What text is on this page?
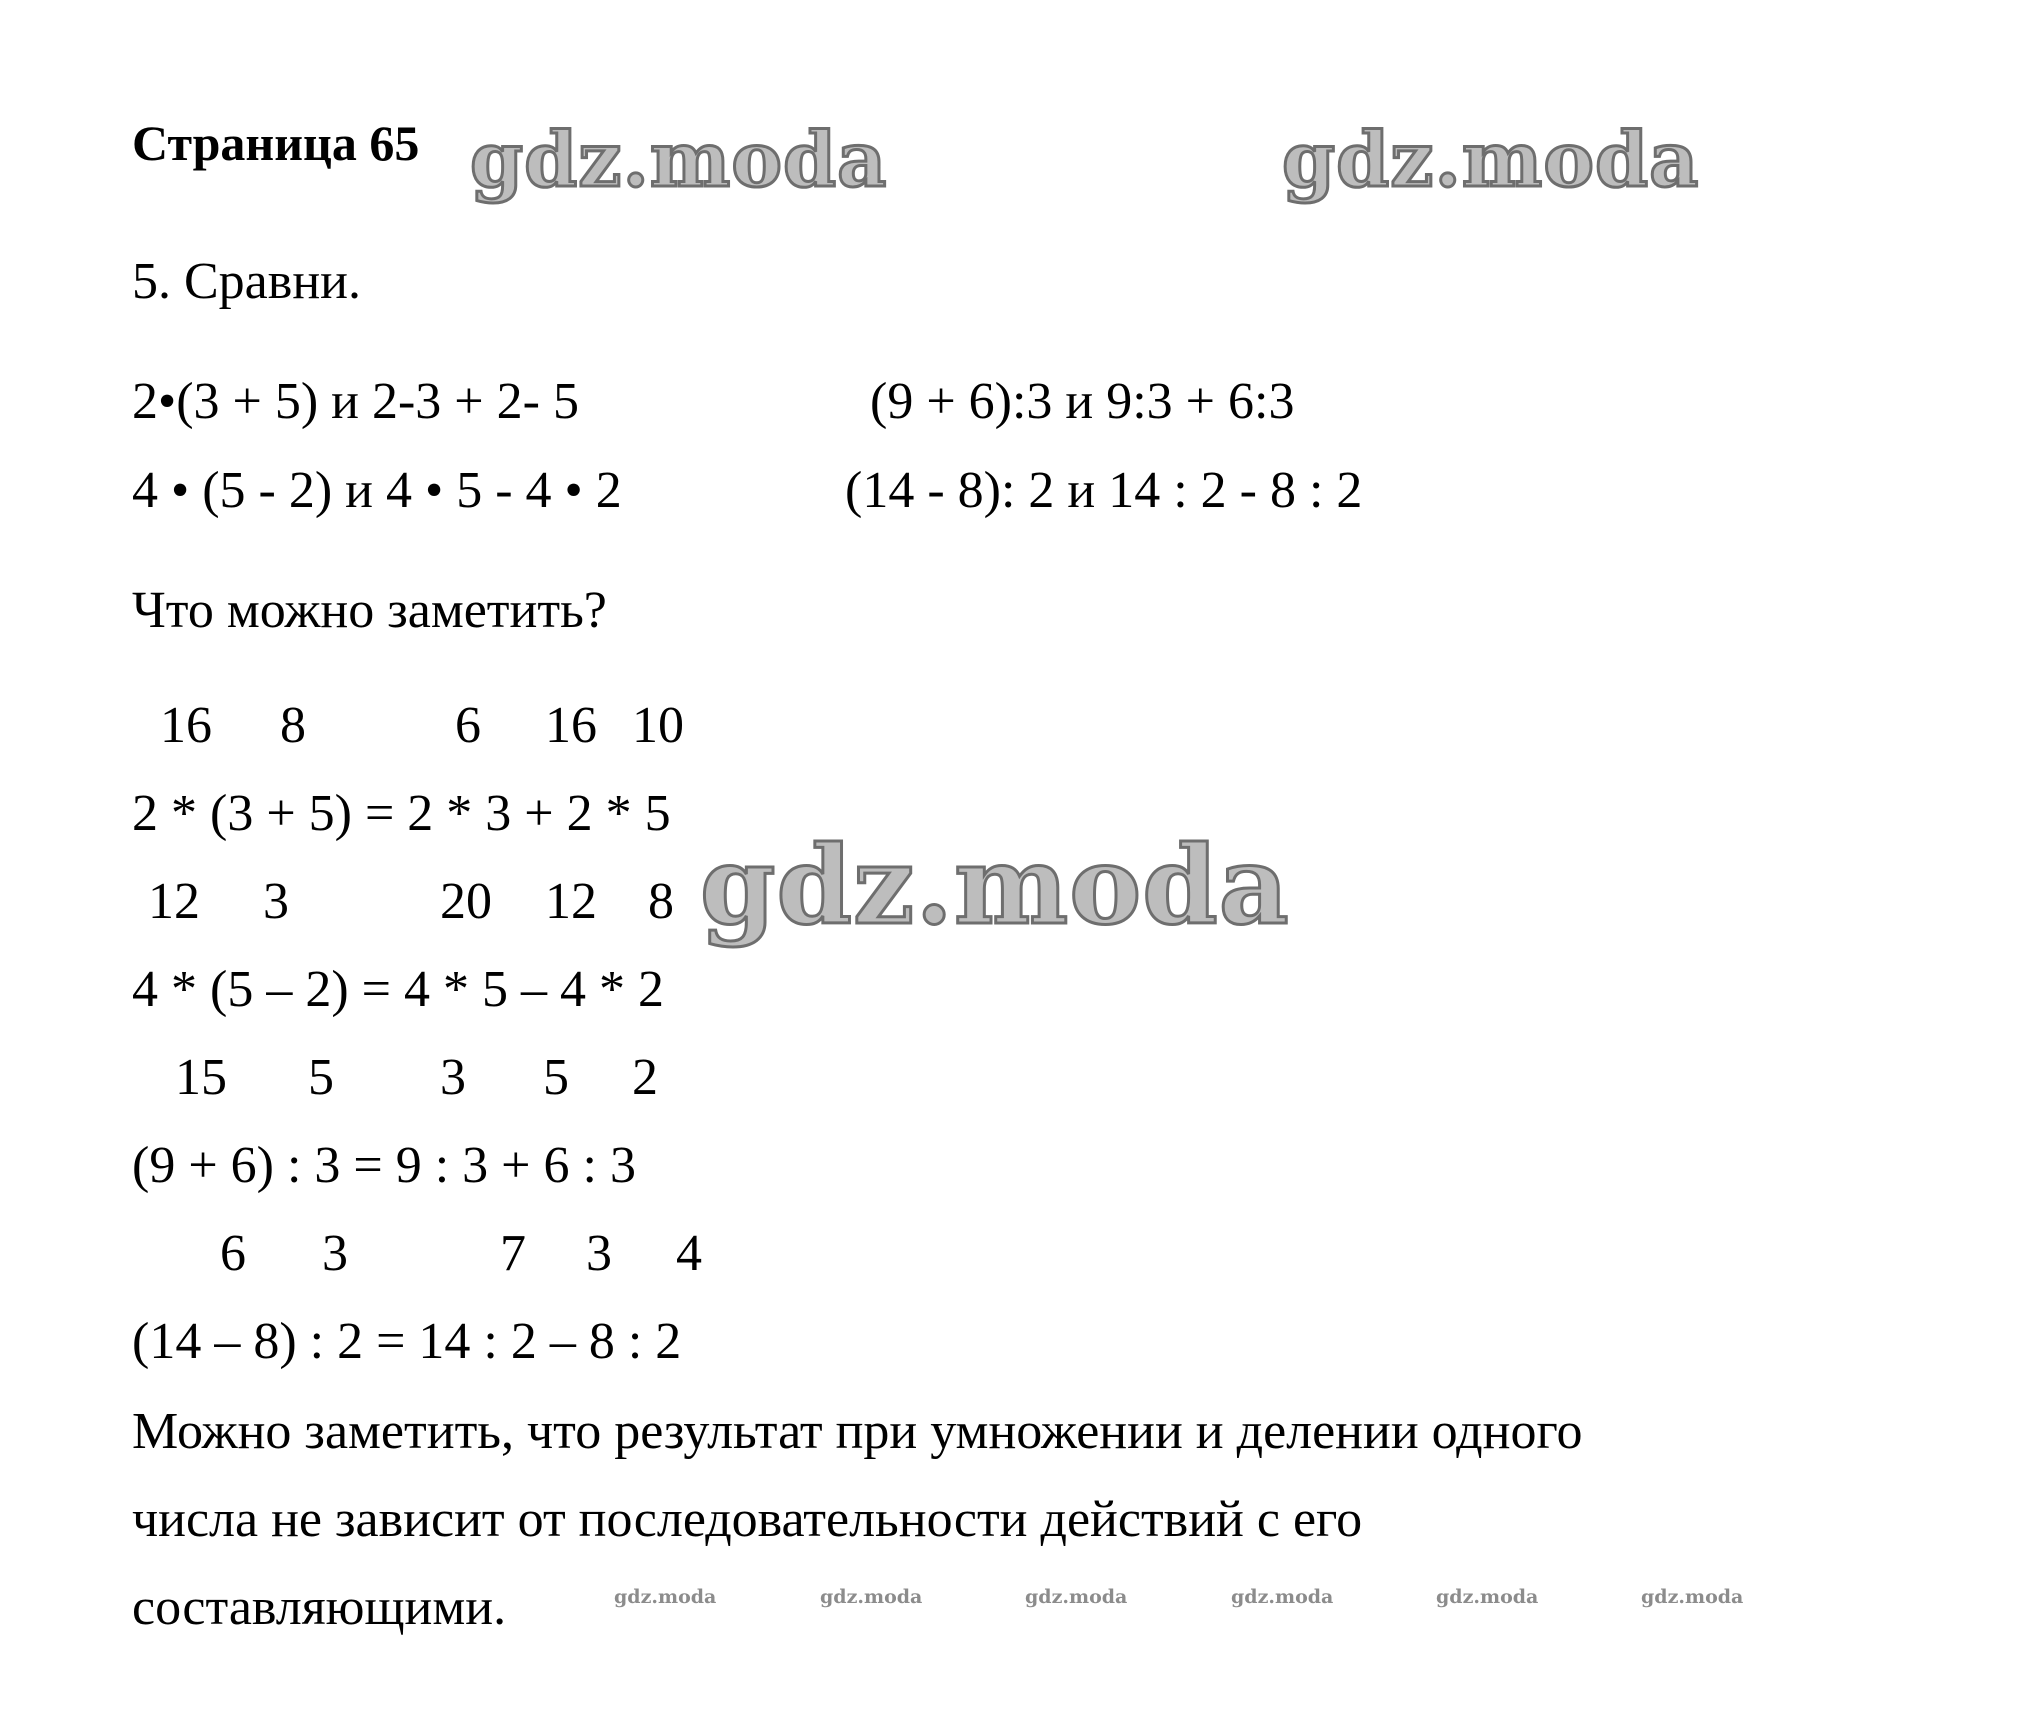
Страница 65
5. Сравни.
2•(3 + 5) и 2-3 + 2- 5	(9 + 6):3 и 9:3 + 6:3
4 • (5 - 2) и 4 • 5 - 4 • 2	(14 - 8): 2 и 14 : 2 - 8 : 2
Что можно заметить?
16 8	6 16 10
2 * (3 + 5) = 2 * 3 + 2 * 5
12 3	20 12 8
4 * (5 – 2) = 4 * 5 – 4 * 2
15 5 3 5 2
(9 + 6) : 3 = 9 : 3 + 6 : 3
6 3	7 3 4
(14 – 8) : 2 = 14 : 2 – 8 : 2
Можно заметить, что результат при умножении и делении одного
числа не зависит от последовательности действий с его
составляющими.
gdz.moda	gdz.moda
gdz.moda
gdz.moda	gdz.moda	gdz.moda	gdz.moda	gdz.moda	gdz.moda
